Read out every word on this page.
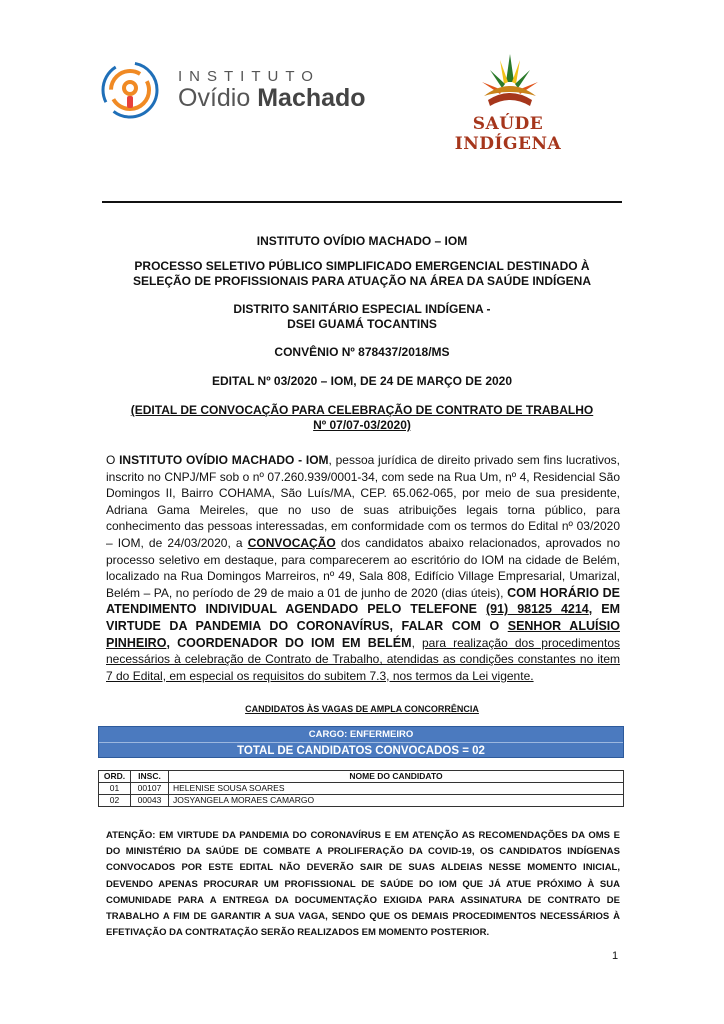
INSTITUTO
Ovídio Machado
SAÚDE INDÍGENA
INSTITUTO OVÍDIO MACHADO – IOM
PROCESSO SELETIVO PÚBLICO SIMPLIFICADO EMERGENCIAL DESTINADO À
SELEÇÃO DE PROFISSIONAIS PARA ATUAÇÃO NA ÁREA DA SAÚDE INDÍGENA
DISTRITO SANITÁRIO ESPECIAL INDÍGENA -
DSEI GUAMÁ TOCANTINS
CONVÊNIO Nº 878437/2018/MS
EDITAL Nº 03/2020 – IOM, DE 24 DE MARÇO DE 2020
(EDITAL DE CONVOCAÇÃO PARA CELEBRAÇÃO DE CONTRATO DE TRABALHO
Nº 07/07-03/2020)
O INSTITUTO OVÍDIO MACHADO - IOM, pessoa jurídica de direito privado sem fins lucrativos, inscrito no CNPJ/MF sob o nº 07.260.939/0001-34, com sede na Rua Um, nº 4, Residencial São Domingos II, Bairro COHAMA, São Luís/MA, CEP. 65.062-065, por meio de sua presidente, Adriana Gama Meireles, que no uso de suas atribuições legais torna público, para conhecimento das pessoas interessadas, em conformidade com os termos do Edital nº 03/2020 – IOM, de 24/03/2020, a CONVOCAÇÃO dos candidatos abaixo relacionados, aprovados no processo seletivo em destaque, para comparecerem ao escritório do IOM na cidade de Belém, localizado na Rua Domingos Marreiros, nº 49, Sala 808, Edifício Village Empresarial, Umarizal, Belém – PA, no período de 29 de maio a 01 de junho de 2020 (dias úteis), COM HORÁRIO DE ATENDIMENTO INDIVIDUAL AGENDADO PELO TELEFONE (91) 98125 4214, EM VIRTUDE DA PANDEMIA DO CORONAVÍRUS, FALAR COM O SENHOR ALUÍSIO PINHEIRO, COORDENADOR DO IOM EM BELÉM, para realização dos procedimentos necessários à celebração de Contrato de Trabalho, atendidas as condições constantes no item 7 do Edital, em especial os requisitos do subitem 7.3, nos termos da Lei vigente.
CANDIDATOS ÀS VAGAS DE AMPLA CONCORRÊNCIA
CARGO: ENFERMEIRO
TOTAL DE CANDIDATOS CONVOCADOS = 02
ORD.	INSC.	NOME DO CANDIDATO
01	00107	HELENISE SOUSA SOARES
02	00043	JOSYANGELA MORAES CAMARGO
ATENÇÃO: EM VIRTUDE DA PANDEMIA DO CORONAVÍRUS E EM ATENÇÃO AS RECOMENDAÇÕES DA OMS E DO MINISTÉRIO DA SAÚDE DE COMBATE A PROLIFERAÇÃO DA COVID-19, OS CANDIDATOS INDÍGENAS CONVOCADOS POR ESTE EDITAL NÃO DEVERÃO SAIR DE SUAS ALDEIAS NESSE MOMENTO INICIAL, DEVENDO APENAS PROCURAR UM PROFISSIONAL DE SAÚDE DO IOM QUE JÁ ATUE PRÓXIMO À SUA COMUNIDADE PARA A ENTREGA DA DOCUMENTAÇÃO EXIGIDA PARA ASSINATURA DE CONTRATO DE TRABALHO A FIM DE GARANTIR A SUA VAGA, SENDO QUE OS DEMAIS PROCEDIMENTOS NECESSÁRIOS À EFETIVAÇÃO DA CONTRATAÇÃO SERÃO REALIZADOS EM MOMENTO POSTERIOR.
1
